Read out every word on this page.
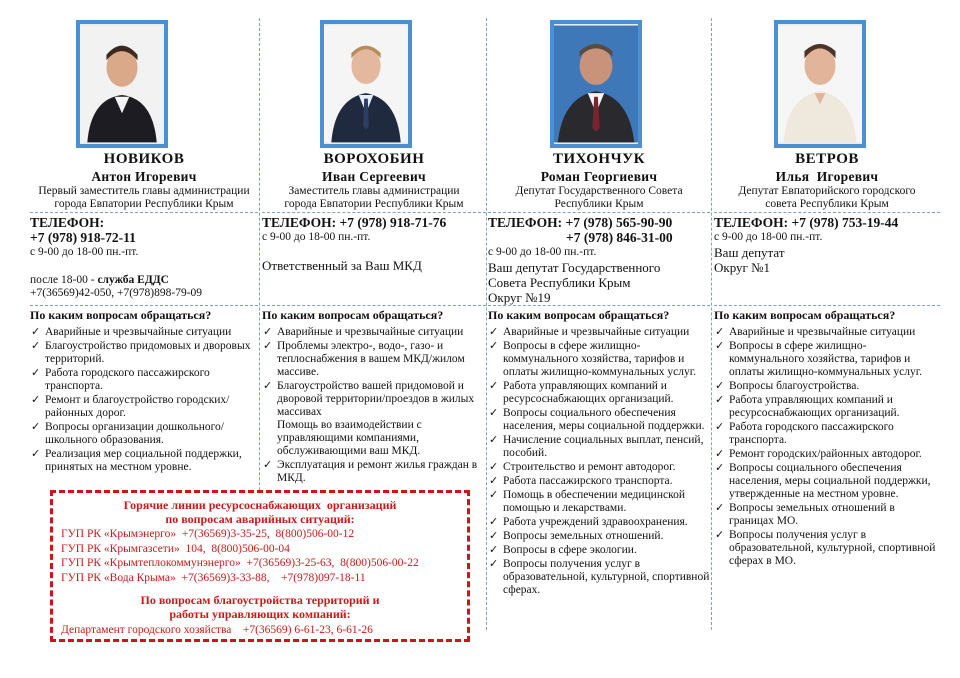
НОВИКОВ
Антон Игоревич
Первый заместитель главы администрации
города Евпатории Республики Крым
ТЕЛЕФОН:
+7 (978) 918-72-11
с 9-00 до 18-00 пн.-пт.
после 18-00 - служба ЕДДС
+7(36569)42-050, +7(978)898-79-09
По каким вопросам обращаться?
✓ Аварийные и чрезвычайные ситуации
✓ Благоустройство придомовых и дворовых территорий.
✓ Работа городского пассажирского транспорта.
✓ Ремонт и благоустройство городских/районных дорог.
✓ Вопросы организации дошкольного/школьного образования.
✓ Реализация мер социальной поддержки, принятых на местном уровне.
ВОРОХОБИН
Иван Сергеевич
Заместитель главы администрации
города Евпатории Республики Крым
ТЕЛЕФОН: +7 (978) 918-71-76
с 9-00 до 18-00 пн.-пт.
Ответственный за Ваш МКД
По каким вопросам обращаться?
✓ Аварийные и чрезвычайные ситуации
✓ Проблемы электро-, водо-, газо- и теплоснабжения в вашем МКД/жилом массиве.
✓ Благоустройство вашей придомовой и дворовой территории/проездов в жилых массивах
Помощь во взаимодействии с управляющими компаниями, обслуживающими ваш МКД.
✓ Эксплуатация и ремонт жилья граждан в МКД.
ТИХОНЧУК
Роман Георгиевич
Депутат Государственного Совета
Республики Крым
ТЕЛЕФОН: +7 (978) 565-90-90
+7 (978) 846-31-00
с 9-00 до 18-00 пн.-пт.
Ваш депутат Государственного
Совета Республики Крым
Округ №19
По каким вопросам обращаться?
✓ Аварийные и чрезвычайные ситуации
✓ Вопросы в сфере жилищно-коммунального хозяйства, тарифов и оплаты жилищно-коммунальных услуг.
✓ Работа управляющих компаний и ресурсоснабжающих организаций.
✓ Вопросы социального обеспечения населения, меры социальной поддержки.
✓ Начисление социальных выплат, пенсий, пособий.
✓ Строительство и ремонт автодорог.
✓ Работа пассажирского транспорта.
✓ Помощь в обеспечении медицинской помощью и лекарствами.
✓ Работа учреждений здравоохранения.
✓ Вопросы земельных отношений.
✓ Вопросы в сфере экологии.
✓ Вопросы получения услуг в образовательной, культурной, спортивной сферах.
ВЕТРОВ
Илья  Игоревич
Депутат Евпаторийского городского
совета Республики Крым
ТЕЛЕФОН: +7 (978) 753-19-44
с 9-00 до 18-00 пн.-пт.
Ваш депутат
Округ №1
По каким вопросам обращаться?
✓ Аварийные и чрезвычайные ситуации
✓ Вопросы в сфере жилищно-коммунального хозяйства, тарифов и оплаты жилищно-коммунальных услуг.
✓ Вопросы благоустройства.
✓ Работа управляющих компаний и ресурсоснабжающих организаций.
✓ Работа городского пассажирского транспорта.
✓ Ремонт городских/районных автодорог.
✓ Вопросы социального обеспечения населения, меры социальной поддержки, утвержденные на местном уровне.
✓ Вопросы земельных отношений в границах МО.
✓ Вопросы получения услуг в образовательной, культурной, спортивной сферах в МО.
Горячие линии ресурсоснабжающих  организаций
по вопросам аварийных ситуаций:
ГУП РК «Крымэнерго»  +7(36569)3-35-25,  8(800)506-00-12
ГУП РК «Крымгазсети»  104,  8(800)506-00-04
ГУП РК «Крымтеплокоммунэнерго»  +7(36569)3-25-63,  8(800)506-00-22
ГУП РК «Вода Крыма»  +7(36569)3-33-88,    +7(978)097-18-11
По вопросам благоустройства территорий и
работы управляющих компаний:
Департамент городского хозяйства    +7(36569) 6-61-23, 6-61-26
